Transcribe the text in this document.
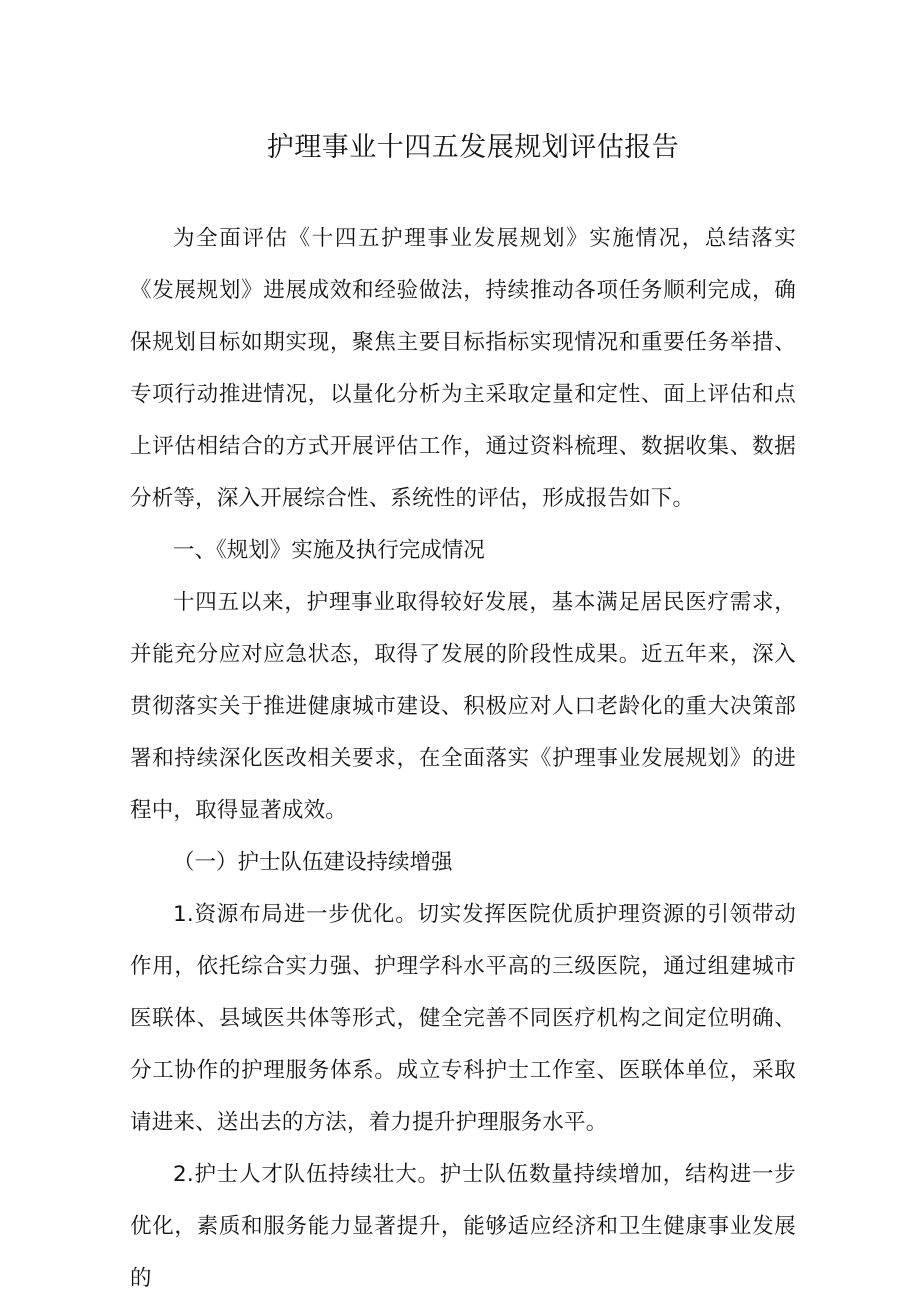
护理事业十四五发展规划评估报告

为全面评估《十四五护理事业发展规划》实施情况，总结落实《发展规划》进展成效和经验做法，持续推动各项任务顺利完成，确保规划目标如期实现，聚焦主要目标指标实现情况和重要任务举措、专项行动推进情况，以量化分析为主采取定量和定性、面上评估和点上评估相结合的方式开展评估工作，通过资料梳理、数据收集、数据分析等，深入开展综合性、系统性的评估，形成报告如下。

一、《规划》实施及执行完成情况

十四五以来，护理事业取得较好发展，基本满足居民医疗需求，并能充分应对应急状态，取得了发展的阶段性成果。近五年来，深入贯彻落实关于推进健康城市建设、积极应对人口老龄化的重大决策部署和持续深化医改相关要求，在全面落实《护理事业发展规划》的进程中，取得显著成效。

（一）护士队伍建设持续增强

1.资源布局进一步优化。切实发挥医院优质护理资源的引领带动作用，依托综合实力强、护理学科水平高的三级医院，通过组建城市医联体、县域医共体等形式，健全完善不同医疗机构之间定位明确、分工协作的护理服务体系。成立专科护士工作室、医联体单位，采取请进来、送出去的方法，着力提升护理服务水平。

2.护士人才队伍持续壮大。护士队伍数量持续增加，结构进一步优化，素质和服务能力显著提升，能够适应经济和卫生健康事业发展的
